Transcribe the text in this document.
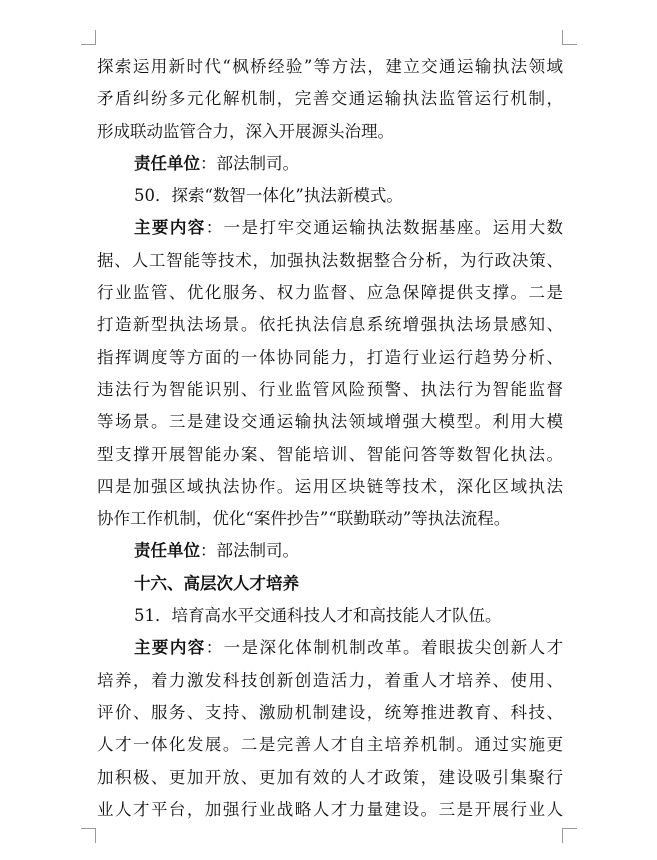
探索运用新时代“枫桥经验”等方法，建立交通运输执法领域
矛盾纠纷多元化解机制，完善交通运输执法监管运行机制，
形成联动监管合力，深入开展源头治理。
责任单位：部法制司。
50．探索“数智一体化”执法新模式。
主要内容：一是打牢交通运输执法数据基座。运用大数
据、人工智能等技术，加强执法数据整合分析，为行政决策、
行业监管、优化服务、权力监督、应急保障提供支撑。二是
打造新型执法场景。依托执法信息系统增强执法场景感知、
指挥调度等方面的一体协同能力，打造行业运行趋势分析、
违法行为智能识别、行业监管风险预警、执法行为智能监督
等场景。三是建设交通运输执法领域增强大模型。利用大模
型支撑开展智能办案、智能培训、智能问答等数智化执法。
四是加强区域执法协作。运用区块链等技术，深化区域执法
协作工作机制，优化“案件抄告”“联勤联动”等执法流程。
责任单位：部法制司。
十六、高层次人才培养
51．培育高水平交通科技人才和高技能人才队伍。
主要内容：一是深化体制机制改革。着眼拔尖创新人才
培养，着力激发科技创新创造活力，着重人才培养、使用、
评价、服务、支持、激励机制建设，统筹推进教育、科技、
人才一体化发展。二是完善人才自主培养机制。通过实施更
加积极、更加开放、更加有效的人才政策，建设吸引集聚行
业人才平台，加强行业战略人才力量建设。三是开展行业人
